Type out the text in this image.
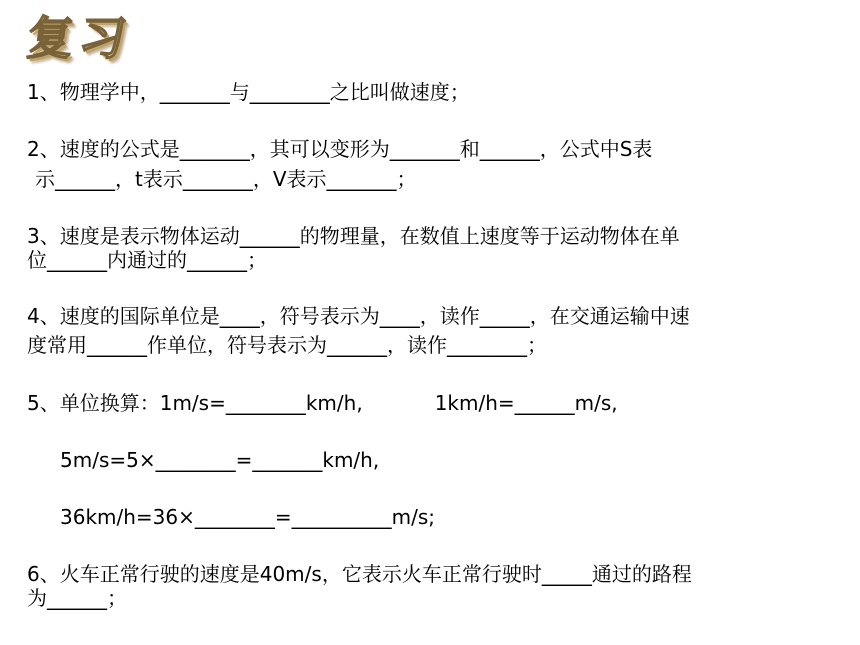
复习
1、物理学中，_______与________之比叫做速度；
2、速度的公式是_______，其可以变形为_______和______，公式中S表
示______，t表示_______，V表示_______；
3、速度是表示物体运动______的物理量，在数值上速度等于运动物体在单
位______内通过的______；
4、速度的国际单位是____，符号表示为____，读作_____，在交通运输中速
度常用______作单位，符号表示为______，读作________；
5、单位换算：1m/s=________km/h,	1km/h=______m/s,
5m/s=5×________=_______km/h,
36km/h=36×________=__________m/s;
6、火车正常行驶的速度是40m/s，它表示火车正常行驶时_____通过的路程
为______；
